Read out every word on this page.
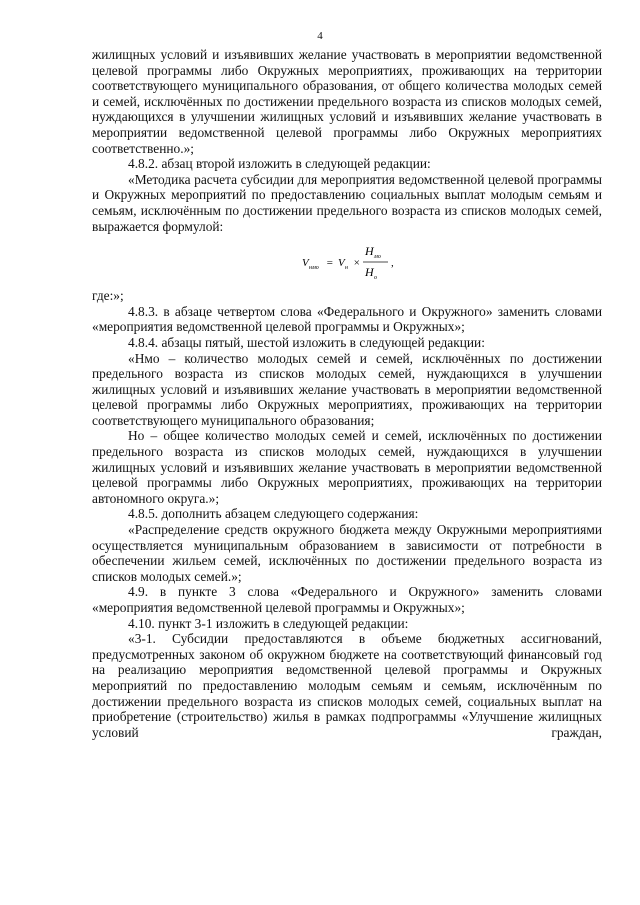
4

жилищных условий и изъявивших желание участвовать в мероприятии ведомственной целевой программы либо Окружных мероприятиях, проживающих на территории соответствующего муниципального образования, от общего количества молодых семей и семей, исключённых по достижении предельного возраста из списков молодых семей, нуждающихся в улучшении жилищных условий и изъявивших желание участвовать в мероприятии ведомственной целевой программы либо Окружных мероприятиях соответственно.»;

4.8.2. абзац второй изложить в следующей редакции:

«Методика расчета субсидии для мероприятия ведомственной целевой программы и Окружных мероприятий по предоставлению социальных выплат молодым семьям и семьям, исключённым по достижении предельного возраста из списков молодых семей, выражается формулой:

V нмо = V н ×
H мо
H о
,

где:»;

4.8.3. в абзаце четвертом слова «Федерального и Окружного» заменить словами «мероприятия ведомственной целевой программы и Окружных»;

4.8.4. абзацы пятый, шестой изложить в следующей редакции:

«Нмо – количество молодых семей и семей, исключённых по достижении предельного возраста из списков молодых семей, нуждающихся в улучшении жилищных условий и изъявивших желание участвовать в мероприятии ведомственной целевой программы либо Окружных мероприятиях, проживающих на территории соответствующего муниципального образования;

Но – общее количество молодых семей и семей, исключённых по достижении предельного возраста из списков молодых семей, нуждающихся в улучшении жилищных условий и изъявивших желание участвовать в мероприятии ведомственной целевой программы либо Окружных мероприятиях, проживающих на территории автономного округа.»;

4.8.5. дополнить абзацем следующего содержания:

«Распределение средств окружного бюджета между Окружными мероприятиями осуществляется муниципальным образованием в зависимости от потребности в обеспечении жильем семей, исключённых по достижении предельного возраста из списков молодых семей.»;

4.9. в пункте 3 слова «Федерального и Окружного» заменить словами «мероприятия ведомственной целевой программы и Окружных»;

4.10. пункт 3-1 изложить в следующей редакции:

«3-1. Субсидии предоставляются в объеме бюджетных ассигнований, предусмотренных законом об окружном бюджете на соответствующий финансовый год на реализацию мероприятия ведомственной целевой программы и Окружных мероприятий по предоставлению молодым семьям и семьям, исключённым по достижении предельного возраста из списков молодых семей, социальных выплат на приобретение (строительство) жилья в рамках подпрограммы «Улучшение жилищных условий граждан,
